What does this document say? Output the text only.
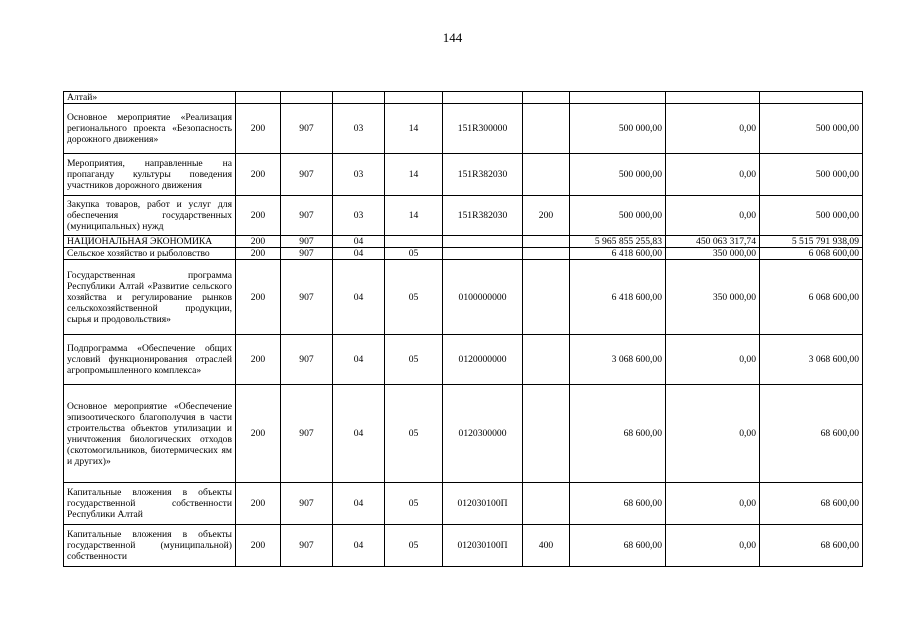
144
Алтай»									
Основное мероприятие «Реализация регионального проекта «Безопасность дорожного движения»	200	907	03	14	151R300000		500 000,00	0,00	500 000,00
Мероприятия, направленные на пропаганду культуры поведения участников дорожного движения	200	907	03	14	151R382030		500 000,00	0,00	500 000,00
Закупка товаров, работ и услуг для обеспечения государственных (муниципальных) нужд	200	907	03	14	151R382030	200	500 000,00	0,00	500 000,00
НАЦИОНАЛЬНАЯ ЭКОНОМИКА	200	907	04				5 965 855 255,83	450 063 317,74	5 515 791 938,09
Сельское хозяйство и рыболовство	200	907	04	05			6 418 600,00	350 000,00	6 068 600,00
Государственная программа Республики Алтай «Развитие сельского хозяйства и регулирование рынков сельскохозяйственной продукции, сырья и продовольствия»	200	907	04	05	0100000000		6 418 600,00	350 000,00	6 068 600,00
Подпрограмма «Обеспечение общих условий функционирования отраслей агропромышленного комплекса»	200	907	04	05	0120000000		3 068 600,00	0,00	3 068 600,00
Основное мероприятие «Обеспечение эпизоотического благополучия в части строительства объектов утилизации и уничтожения биологических отходов (скотомогильников, биотермических ям и других)»	200	907	04	05	0120300000		68 600,00	0,00	68 600,00
Капитальные вложения в объекты государственной собственности Республики Алтай	200	907	04	05	012030100П		68 600,00	0,00	68 600,00
Капитальные вложения в объекты государственной (муниципальной) собственности	200	907	04	05	012030100П	400	68 600,00	0,00	68 600,00
